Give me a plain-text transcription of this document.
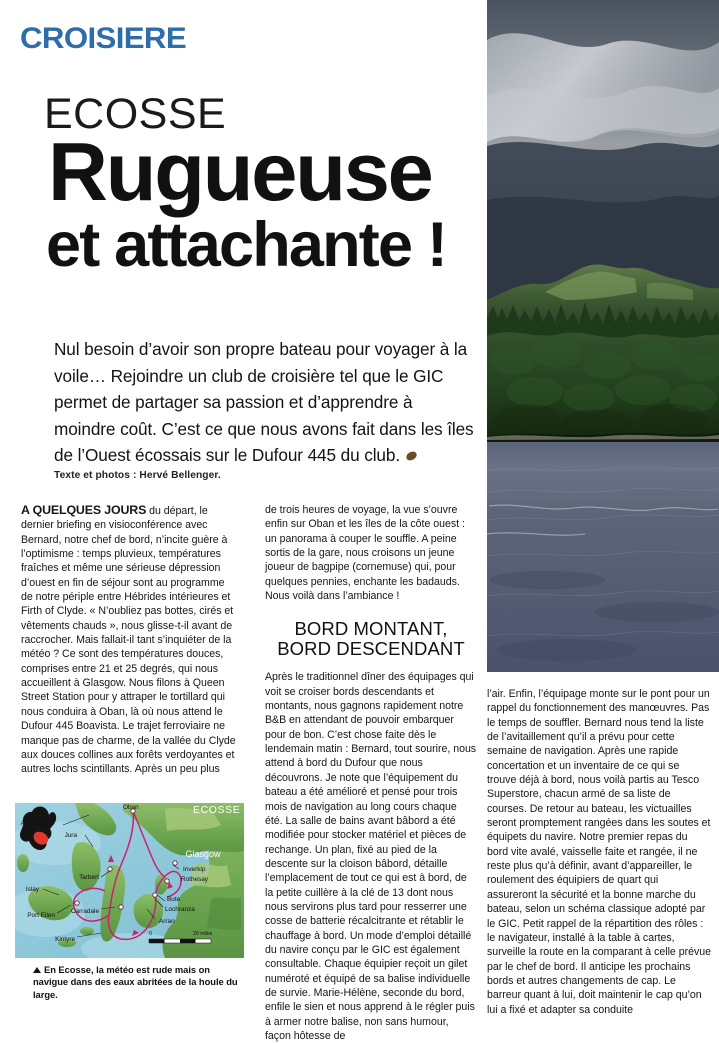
CROISIERE
ECOSSE
Rugueuse
et attachante !
Nul besoin d’avoir son propre bateau pour voyager à la voile… Rejoindre un club de croisière tel que le GIC permet de partager sa passion et d’apprendre à moindre coût. C’est ce que nous avons fait dans les îles de l’Ouest écossais sur le Dufour 445 du club.
Texte et photos : Hervé Bellenger.

A QUELQUES JOURS du départ, le dernier briefing en visioconférence avec Bernard, notre chef de bord, n’incite guère à l’optimisme : temps pluvieux, températures fraîches et même une sérieuse dépression d’ouest en fin de séjour sont au programme de notre périple entre Hébrides intérieures et Firth of Clyde. « N’oubliez pas bottes, cirés et vêtements chauds », nous glisse-t-il avant de raccrocher. Mais fallait-il tant s’inquiéter de la météo ? Ce sont des températures douces, comprises entre 21 et 25 degrés, qui nous accueillent à Glasgow. Nous filons à Queen Street Station pour y attraper le tortillard qui nous conduira à Oban, là où nous attend le Dufour 445 Boavista. Le trajet ferroviaire ne manque pas de charme, de la vallée du Clyde aux douces collines aux forêts verdoyantes et autres lochs scintillants. Après un peu plus

de trois heures de voyage, la vue s’ouvre enfin sur Oban et les îles de la côte ouest : un panorama à couper le souffle. A peine sortis de la gare, nous croisons un jeune joueur de bagpipe (cornemuse) qui, pour quelques pennies, enchante les badauds. Nous voilà dans l’ambiance !

BORD MONTANT,
BORD DESCENDANT

Après le traditionnel dîner des équipages qui voit se croiser bords descendants et montants, nous gagnons rapidement notre B&B en attendant de pouvoir embarquer pour de bon. C’est chose faite dès le lendemain matin : Bernard, tout sourire, nous attend à bord du Dufour que nous découvrons. Je note que l’équipement du bateau a été amélioré et pensé pour trois mois de navigation au long cours chaque été. La salle de bains avant bâbord a été modifiée pour stocker matériel et pièces de rechange. Un plan, fixé au pied de la descente sur la cloison bâbord, détaille l’emplacement de tout ce qui est à bord, de la petite cuillère à la clé de 13 dont nous nous servirons plus tard pour resserrer une cosse de batterie récalcitrante et rétablir le chauffage à bord. Un mode d’emploi détaillé du navire conçu par le GIC est également consultable. Chaque équipier reçoit un gilet numéroté et équipé de sa balise individuelle de survie. Marie-Hélène, seconde du bord, enfile le sien et nous apprend à le régler puis à armer notre balise, non sans humour, façon hôtesse de

l’air. Enfin, l’équipage monte sur le pont pour un rappel du fonctionnement des manœuvres. Pas le temps de souffler. Bernard nous tend la liste de l’avitaillement qu’il a prévu pour cette semaine de navigation. Après une rapide concertation et un inventaire de ce qui se trouve déjà à bord, nous voilà partis au Tesco Superstore, chacun armé de sa liste de courses. De retour au bateau, les victuailles seront promptement rangées dans les soutes et équipets du navire. Notre premier repas du bord vite avalé, vaisselle faite et rangée, il ne reste plus qu’à définir, avant d’appareiller, le roulement des équipiers de quart qui assureront la sécurité et la bonne marche du bateau, selon un schéma classique adopté par le GIC. Petit rappel de la répartition des rôles : le navigateur, installé à la table à cartes, surveille la route en la comparant à celle prévue par le chef de bord. Il anticipe les prochains bords et autres changements de cap. Le barreur quant à lui, doit maintenir le cap qu’on lui a fixé et adapter sa conduite

Oban
Ardencaple
Jura
Islay
Port Ellen
Tarbert
Carradale
Kintyre
Arran
Bute
Lochranza
Inverkip
Rothesay
Glasgow
ECOSSE
0	20 miles
En Ecosse, la météo est rude mais on navigue dans des eaux abritées de la houle du large.
